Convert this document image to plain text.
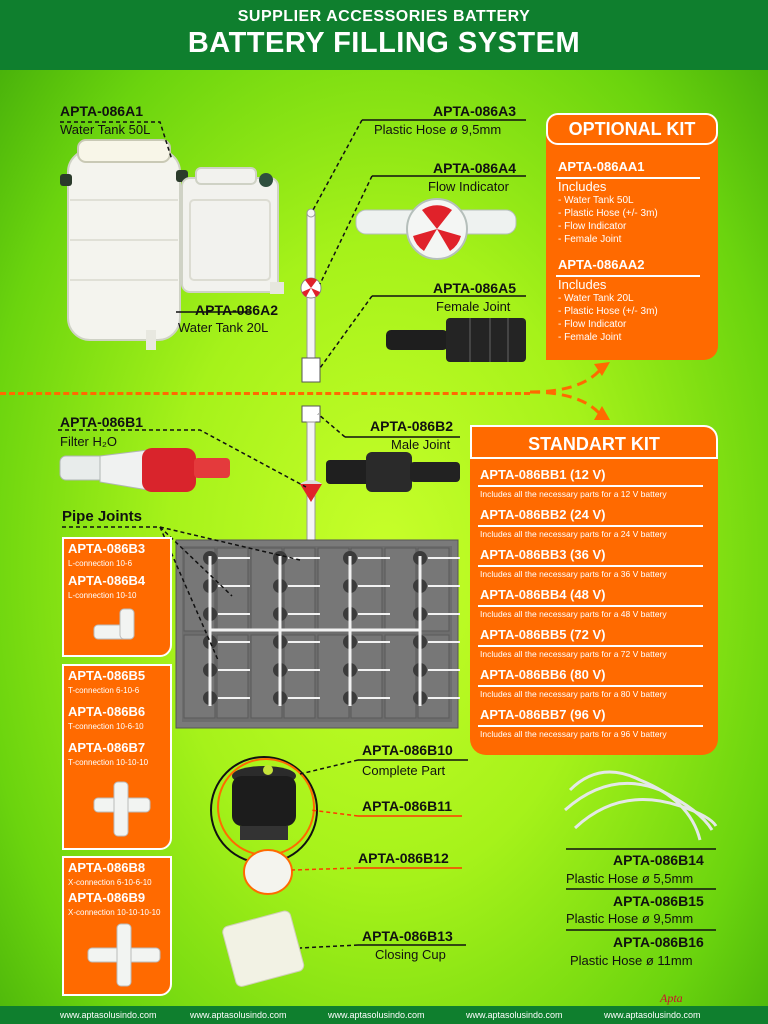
SUPPLIER ACCESSORIES BATTERY
BATTERY FILLING SYSTEM
Apta
APTA-086A1
Water Tank 50L
APTA-086A2
Water Tank 20L
APTA-086A3
Plastic Hose ø 9,5mm
APTA-086A4
Flow Indicator
APTA-086A5
Female Joint
OPTIONAL KIT
APTA-086AA1
Includes
- Water Tank 50L
- Plastic Hose (+/- 3m)
- Flow Indicator
- Female Joint
APTA-086AA2
Includes
- Water Tank 20L
- Plastic Hose (+/- 3m)
- Flow Indicator
- Female Joint
APTA-086B1
Filter H₂O
APTA-086B2
Male Joint	STANDART KIT
APTA-086BB1 (12 V)
Includes all the necessary parts for a 12 V battery
APTA-086BB2 (24 V)
Includes all the necessary parts for a 24 V battery
APTA-086BB3 (36 V)
Includes all the necessary parts for a 36 V battery
APTA-086BB4 (48 V)
Includes all the necessary parts for a 48 V battery
APTA-086BB5 (72 V)
Includes all the necessary parts for a 72 V battery
APTA-086BB6 (80 V)
Includes all the necessary parts for a 80 V battery
APTA-086BB7 (96 V)
Includes all the necessary parts for a 96 V battery
Pipe Joints
APTA-086B3
L-connection 10-6
APTA-086B4
L-connection 10-10
APTA-086B5
T-connection 6-10-6
APTA-086B6
T-connection 10-6-10
APTA-086B7
T-connection 10-10-10
APTA-086B8
X-connection 6-10-6-10
APTA-086B9
X-connection 10-10-10-10
APTA-086B10
Complete Part
APTA-086B11
APTA-086B12
APTA-086B13
Closing Cup
APTA-086B14
Plastic Hose ø 5,5mm
APTA-086B15
Plastic Hose ø 9,5mm
APTA-086B16
Plastic Hose ø 11mm
www.aptasolusindo.com	www.aptasolusindo.com	www.aptasolusindo.com	www.aptasolusindo.com	www.aptasolusindo.com
